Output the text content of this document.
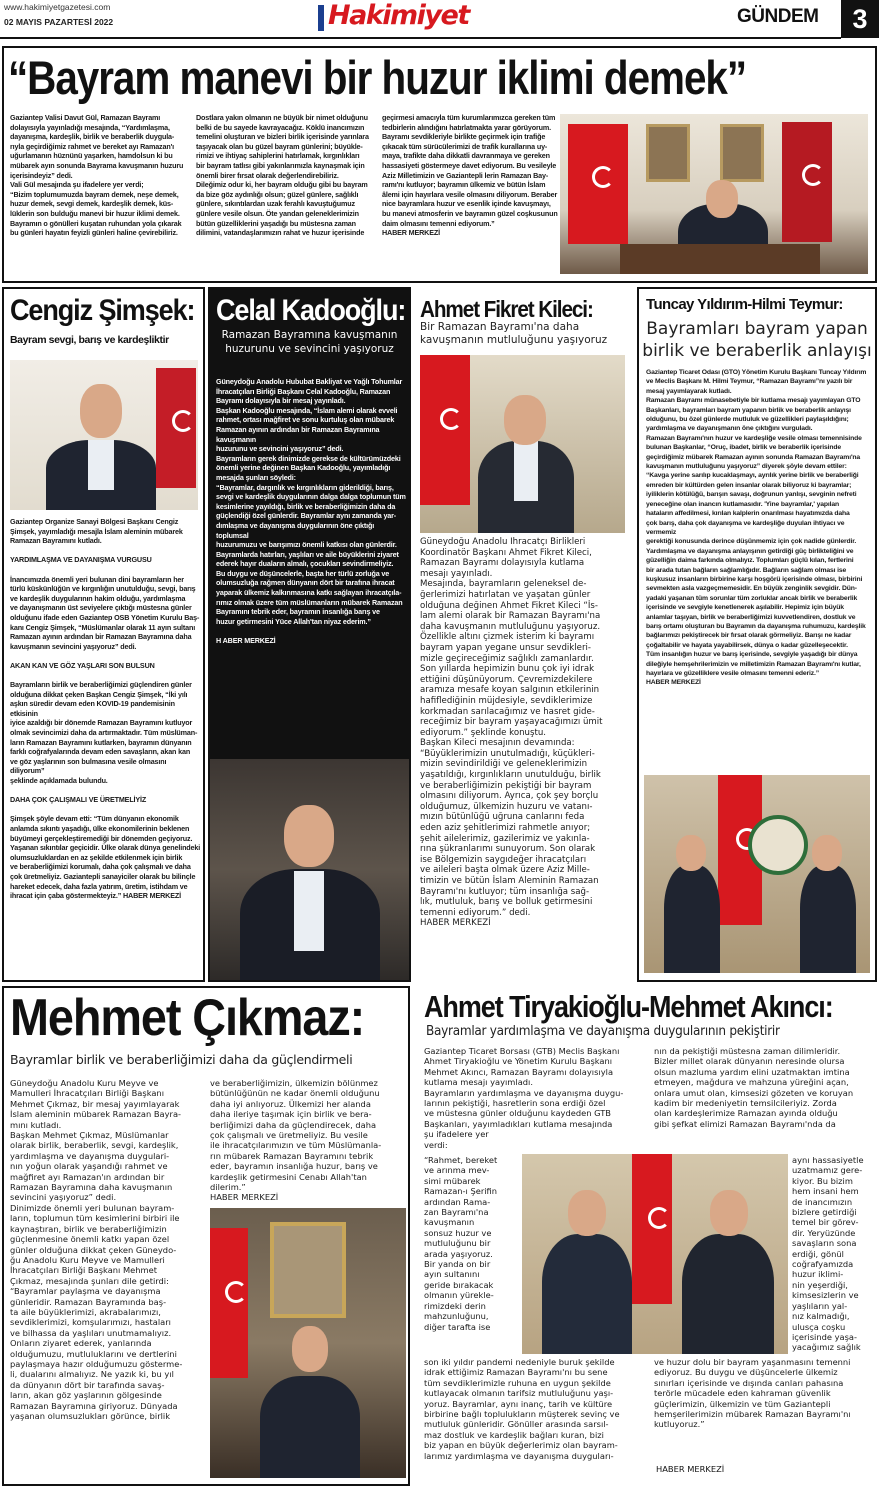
www.hakimiyetgazetesi.com
02 MAYIS PAZARTESİ 2022	Hakimiyet	GÜNDEM	3
“Bayram manevi bir huzur iklimi demek”
Gaziantep Valisi Davut Gül, Ramazan Bayramı
dolayısıyla yayınladığı mesajında, “Yardımlaşma,
dayanışma, kardeşlik, birlik ve beraberlik duygula-
rıyla geçirdiğimiz rahmet ve bereket ayı Ramazan'ı
uğurlamanın hüznünü yaşarken, hamdolsun ki bu
mübarek ayın sonunda Bayrama kavuşmanın huzuru
içerisindeyiz” dedi.
Vali Gül mesajında şu ifadelere yer verdi;
“Bizim toplumumuzda bayram demek, neşe demek,
huzur demek, sevgi demek, kardeşlik demek, küs-
lüklerin son bulduğu manevi bir huzur iklimi demek.
Bayramın o gönülleri kuşatan ruhundan yola çıkarak
bu günleri hayatın feyizli günleri haline çevirebiliriz.
Dostlara yakın olmanın ne büyük bir nimet olduğunu
belki de bu sayede kavrayacağız. Köklü inancımızın
temelini oluşturan ve bizleri birlik içerisinde yarınlara
taşıyacak olan bu güzel bayram günlerini; büyükle-
rimizi ve ihtiyaç sahiplerini hatırlamak, kırgınlıkları
bir bayram tatlısı gibi yakınlarımızla kaynaşmak için
önemli birer fırsat olarak değerlendirebiliriz.
Dileğimiz odur ki, her bayram olduğu gibi bu bayram
da bize göz aydınlığı olsun; güzel günlere, sağlıklı
günlere, sıkıntılardan uzak ferahlı kavuştuğumuz
günlere vesile olsun. Öte yandan geleneklerimizin
bütün güzelliklerini yaşadığı bu müstesna zaman
dilimini, vatandaşlarımızın rahat ve huzur içerisinde
geçirmesi amacıyla tüm kurumlarımızca gereken tüm
tedbirlerin alındığını hatırlatmakta yarar görüyorum.
Bayramı sevdikleriyle birlikte geçirmek için trafiğe
çıkacak tüm sürücülerimizi de trafik kurallarına uy-
maya, trafikte daha dikkatli davranmaya ve gereken
hassasiyeti göstermeye davet ediyorum. Bu vesileyle
Aziz Milletimizin ve Gaziantepli lerin Ramazan Bay-
ramı'nı kutluyor; bayramın ülkemiz ve bütün İslam
âlemi için hayırlara vesile olmasını diliyorum. Beraber
nice bayramlara huzur ve esenlik içinde kavuşmayı,
bu manevi atmosferin ve bayramın güzel coşkusunun
daim olmasını temenni ediyorum.”
HABER MERKEZİ
Cengiz Şimşek:
Bayram sevgi, barış ve kardeşliktir
Gaziantep Organize Sanayi Bölgesi Başkanı Cengiz
Şimşek, yayımladığı mesajla İslam aleminin mübarek
Ramazan Bayramını kutladı.

YARDIMLAŞMA VE DAYANIŞMA VURGUSU

İnancımızda önemli yeri bulunan dini bayramların her
türlü küskünlüğün ve kırgınlığın unutulduğu, sevgi, barış
ve kardeşlik duygularının hakim olduğu, yardımlaşma
ve dayanışmanın üst seviyelere çıktığı müstesna günler
olduğunu ifade eden Gaziantep OSB Yönetim Kurulu Baş-
kanı Cengiz Şimşek, “Müslümanlar olarak 11 ayın sultanı
Ramazan ayının ardından bir Ramazan Bayramına daha
kavuşmanın sevincini yaşıyoruz” dedi.

AKAN KAN VE GÖZ YAŞLARI SON BULSUN

Bayramların birlik ve beraberliğimizi güçlendiren günler
olduğuna dikkat çeken Başkan Cengiz Şimşek, “İki yılı
aşkın süredir devam eden KOVID-19 pandemisinin etkisinin
iyice azaldığı bir dönemde Ramazan Bayramını kutluyor
olmak sevincimizi daha da artırmaktadır. Tüm müslüman-
ların Ramazan Bayramını kutlarken, bayramın dünyanın
farklı coğrafyalarında devam eden savaşların, akan kan
ve göz yaşlarının son bulmasına vesile olmasını diliyorum”
şeklinde açıklamada bulundu.

DAHA ÇOK ÇALIŞMALI VE ÜRETMELİYİZ

Şimşek şöyle devam etti: “Tüm dünyanın ekonomik
anlamda sıkıntı yaşadığı, ülke ekonomilerinin beklenen
büyümeyi gerçekleştiremediği bir dönemden geçiyoruz.
Yaşanan sıkıntılar geçicidir. Ülke olarak dünya genelindeki
olumsuzluklardan en az şekilde etkilenmek için birlik
ve beraberliğimizi korumalı, daha çok çalışmalı ve daha
çok üretmeliyiz. Gaziantepli sanayiciler olarak bu bilinçle
hareket edecek, daha fazla yatırım, üretim, istihdam ve
ihracat için çaba göstermekteyiz.” HABER MERKEZİ
Celal Kadooğlu:
Ramazan Bayramına kavuşmanın
huzurunu ve sevincini yaşıyoruz
Güneydoğu Anadolu Hububat Bakliyat ve Yağlı Tohumlar
İhracatçıları Birliği Başkanı Celal Kadooğlu, Ramazan
Bayramı dolayısıyla bir mesaj yayınladı.
Başkan Kadooğlu mesajında, “İslam alemi olarak evveli
rahmet, ortası mağfiret ve sonu kurtuluş olan mübarek
Ramazan ayının ardından bir Ramazan Bayramına kavuşmanın
huzurunu ve sevincini yaşıyoruz” dedi.
Bayramların gerek dinimizde gerekse de kültürümüzdeki
önemli yerine değinen Başkan Kadooğlu, yayımladığı
mesajda şunları söyledi:
“Bayramlar, dargınlık ve kırgınlıkların giderildiği, barış,
sevgi ve kardeşlik duygularının dalga dalga toplumun tüm
kesimlerine yayıldığı, birlik ve beraberliğimizin daha da
güçlendiği özel günlerdir. Bayramlar aynı zamanda yar-
dımlaşma ve dayanışma duygularının öne çıktığı toplumsal
huzurumuzu ve barışımızı önemli katkısı olan günlerdir.
Bayramlarda hatırları, yaşlıları ve aile büyüklerini ziyaret
ederek hayır duaların almalı, çocukları sevindirmeliyiz.
Bu duygu ve düşüncelerle, başta her türlü zorluğa ve
olumsuzluğa rağmen dünyanın dört bir tarafına ihracat
yaparak ülkemiz kalkınmasına katkı sağlayan ihracatçıla-
rımız olmak üzere tüm müslümanların mübarek Ramazan
Bayramını tebrik eder, bayramın insanlığa barış ve
huzur getirmesini Yüce Allah'tan niyaz ederim.”

H ABER MERKEZİ
Ahmet Fikret Kileci:
Bir Ramazan Bayramı'na daha
kavuşmanın mutluluğunu yaşıyoruz
Güneydoğu Anadolu İhracatçı Birlikleri
Koordinatör Başkanı Ahmet Fikret Kileci,
Ramazan Bayramı dolayısıyla kutlama
mesajı yayınladı.
Mesajında, bayramların geleneksel de-
ğerlerimizi hatırlatan ve yaşatan günler
olduğuna değinen Ahmet Fikret Kileci “İs-
lam alemi olarak bir Ramazan Bayramı'na
daha kavuşmanın mutluluğunu yaşıyoruz.
Özellikle altını çizmek isterim ki bayramı
bayram yapan yegane unsur sevdikleri-
mizle geçireceğimiz sağlıklı zamanlardır.
Son yıllarda hepimizin bunu çok iyi idrak
ettiğini düşünüyorum. Çevremizdekilere
aramıza mesafe koyan salgının etkilerinin
hafiflediğinin müjdesiyle, sevdiklerimize
korkmadan sarılacağımız ve hasret gide-
receğimiz bir bayram yaşayacağımızı ümit
ediyorum.” şeklinde konuştu.
Başkan Kileci mesajının devamında:
“Büyüklerimizin unutulmadığı, küçükleri-
mizin sevindirildiği ve geleneklerimizin
yaşatıldığı, kırgınlıkların unutulduğu, birlik
ve beraberliğimizin pekiştiği bir bayram
olmasını diliyorum. Ayrıca, çok şey borçlu
olduğumuz, ülkemizin huzuru ve vatanı-
mızın bütünlüğü uğruna canlarını feda
eden aziz şehitlerimizi rahmetle anıyor;
şehit ailelerimiz, gazilerimiz ve yakınla-
rına şükranlarımı sunuyorum. Son olarak
ise Bölgemizin saygıdeğer ihracatçıları
ve aileleri başta olmak üzere Aziz Mille-
timizin ve bütün İslam Aleminin Ramazan
Bayramı'nı kutluyor; tüm insanlığa sağ-
lık, mutluluk, barış ve bolluk getirmesini
temenni ediyorum.” dedi.
HABER MERKEZİ
Tuncay Yıldırım-Hilmi Teymur:
Bayramları bayram yapan
birlik ve beraberlik anlayışı
Gaziantep Ticaret Odası (GTO) Yönetim Kurulu Başkanı Tuncay Yıldırım
ve Meclis Başkanı M. Hilmi Teymur, “Ramazan Bayramı”nı yazılı bir
mesaj yayımlayarak kutladı.
Ramazan Bayramı münasebetiyle bir kutlama mesajı yayımlayan GTO
Başkanları, bayramları bayram yapanın birlik ve beraberlik anlayışı
olduğunu, bu özel günlerde mutluluk ve güzellikleri paylaşıldığını;
yardımlaşma ve dayanışmanın öne çıktığını vurguladı.
Ramazan Bayramı'nın huzur ve kardeşliğe vesile olması temennisinde
bulunan Başkanlar, “Oruç, ibadet, birlik ve beraberlik içerisinde
geçirdiğimiz mübarek Ramazan ayının sonunda Ramazan Bayramı'na
kavuşmanın mutluluğunu yaşıyoruz” diyerek şöyle devam ettiler:
“Kavga yerine sarılıp kucaklaşmayı, ayrılık yerine birlik ve beraberliği
emreden bir kültürden gelen insanlar olarak biliyoruz ki bayramlar;
iyiliklerin kötülüğü, barışın savaşı, doğrunun yanlışı, sevginin nefreti
yeneceğine olan inancın kutlamasıdır. 'Yine bayramlar,' yapılan
hataların affedilmesi, kırılan kalplerin onarılması hayatımızda daha
çok barış, daha çok dayanışma ve kardeşliğe duyulan ihtiyacı ve vermemiz
gerektiği konusunda derince düşünmemiz için çok nadide günlerdir.
Yardımlaşma ve dayanışma anlayışının getirdiği güç birlikteliğini ve
güzelliğin daima farkında olmalıyız. Toplumları güçlü kılan, fertlerini
bir arada tutan bağların sağlamlığıdır. Bağların sağlam olması ise
kuşkusuz insanların birbirine karşı hoşgörü içerisinde olması, birbirini
sevmekten asla vazgeçmemesidir. En büyük zenginlik sevgidir. Dün-
yadaki yaşanan tüm sorunlar tüm zorluklar ancak birlik ve beraberlik
içerisinde ve sevgiyle kenetlenerek aşılabilir. Hepimiz için büyük
anlamlar taşıyan, birlik ve beraberliğimizi kuvvetlendiren, dostluk ve
barış ortamı oluşturan bu Bayramın da dayanışma ruhumuzu, kardeşlik
bağlarımızı pekiştirecek bir fırsat olarak görmeliyiz. Barışı ne kadar
çoğaltabilir ve hayata yayabilirsek, dünya o kadar güzelleşecektir.
Tüm insanlığın huzur ve barış içerisinde, sevgiyle yaşadığı bir dünya
dileğiyle hemşehrilerimizin ve milletimizin Ramazan Bayramı'nı kutlar,
hayırlara ve güzelliklere vesile olmasını temenni ederiz.”
HABER MERKEZİ
Mehmet Çıkmaz:
Bayramlar birlik ve beraberliğimizi daha da güçlendirmeli
Güneydoğu Anadolu Kuru Meyve ve
Mamulleri İhracatçıları Birliği Başkanı
Mehmet Çıkmaz, bir mesaj yayımlayarak
İslam aleminin mübarek Ramazan Bayra-
mını kutladı.
Başkan Mehmet Çıkmaz, Müslümanlar
olarak birlik, beraberlik, sevgi, kardeşlik,
yardımlaşma ve dayanışma duygulari-
nın yoğun olarak yaşandığı rahmet ve
mağfiret ayı Ramazan'ın ardından bir
Ramazan Bayramına daha kavuşmanın
sevincini yaşıyoruz” dedi.
Dinimizde önemli yeri bulunan bayram-
ların, toplumun tüm kesimlerini birbiri ile
kaynaştıran, birlik ve beraberliğimizin
güçlenmesine önemli katkı yapan özel
günler olduğuna dikkat çeken Güneydo-
ğu Anadolu Kuru Meyve ve Mamulleri
İhracatçıları Birliği Başkanı Mehmet
Çıkmaz, mesajında şunları dile getirdi:
“Bayramlar paylaşma ve dayanışma
günleridir. Ramazan Bayramında baş-
ta aile büyüklerimizi, akrabalarımızı,
sevdiklerimizi, komşularımızı, hastaları
ve bilhassa da yaşlıları unutmamalıyız.
Onların ziyaret ederek, yanlarında
olduğumuzu, mutluluklarını ve dertlerini
paylaşmaya hazır olduğumuzu gösterme-
li, dualarını almalıyız. Ne yazık ki, bu yıl
da dünyanın dört bir tarafında savaş-
ların, akan göz yaşlarının gölgesinde
Ramazan Bayramına giriyoruz. Dünyada
yaşanan olumsuzlukları görünce, birlik
ve beraberliğimizin, ülkemizin bölünmez
bütünlüğünün ne kadar önemli olduğunu
daha iyi anlıyoruz. Ülkemizi her alanda
daha ileriye taşımak için birlik ve bera-
berliğimizi daha da güçlendirecek, daha
çok çalışmalı ve üretmeliyiz. Bu vesile
ile ihracatçılarımızın ve tüm Müslümanla-
rın mübarek Ramazan Bayramını tebrik
eder, bayramın insanlığa huzur, barış ve
kardeşlik getirmesini Cenabı Allah'tan
dilerim.”
HABER MERKEZİ
Ahmet Tiryakioğlu-Mehmet Akıncı:
Bayramlar yardımlaşma ve dayanışma duygularının pekiştirir
Gaziantep Ticaret Borsası (GTB) Meclis Başkanı
Ahmet Tiryakioğlu ve Yönetim Kurulu Başkanı
Mehmet Akıncı, Ramazan Bayramı dolayısıyla
kutlama mesajı yayımladı.
Bayramların yardımlaşma ve dayanışma duygu-
larının pekiştiği, hasretlerin sona erdiği özel
ve müstesna günler olduğunu kaydeden GTB
Başkanları, yayımladıkları kutlama mesajında
şu ifadelere yer
verdi:
“Rahmet, bereket
ve arınma mev-
simi mübarek
Ramazan-ı Şerifin
ardından Rama-
zan Bayramı'na
kavuşmanın
sonsuz huzur ve
mutluluğunu bir
arada yaşıyoruz.
Bir yanda on bir
ayın sultanını
geride bırakacak
olmanın yürekle-
rimizdeki derin
mahzunluğunu,
diğer tarafta ise
son iki yıldır pandemi nedeniyle buruk şekilde
idrak ettiğimiz Ramazan Bayramı'nı bu sene
tüm sevdiklerimizle ruhuna en uygun şekilde
kutlayacak olmanın tarifsiz mutluluğunu yaşı-
yoruz. Bayramlar, aynı inanç, tarih ve kültüre
birbirine bağlı toplulukların müşterek sevinç ve
mutluluk günleridir. Gönüller arasında sarsıl-
maz dostluk ve kardeşlik bağları kuran, bizi
biz yapan en büyük değerlerimiz olan bayram-
larımız yardımlaşma ve dayanışma duyguları-
nın da pekiştiği müstesna zaman dilimleridir.
Bizler millet olarak dünyanın neresinde olursa
olsun mazluma yardım elini uzatmaktan imtina
etmeyen, mağdura ve mahzuna yüreğini açan,
onlara umut olan, kimsesizi gözeten ve koruyan
kadim bir medeniyetin temsilcileriyiz. Zorda
olan kardeşlerimize Ramazan ayında olduğu
gibi şefkat elimizi Ramazan Bayramı'nda da
aynı hassasiyetle
uzatmamız gere-
kiyor. Bu bizim
hem insani hem
de inancımızın
bizlere getirdiği
temel bir görev-
dir. Yeryüzünde
savaşların sona
erdiği, gönül
coğrafyamızda
huzur iklimi-
nin yeşerdiği,
kimsesizlerin ve
yaşlıların yal-
nız kalmadığı,
ulusça coşku
içerisinde yaşa-
yacağımız sağlık
ve huzur dolu bir bayram yaşanmasını temenni
ediyoruz. Bu duygu ve düşüncelerle ülkemiz
sınırları içerisinde ve dışında canları pahasına
terörle mücadele eden kahraman güvenlik
güçlerimizin, ülkemizin ve tüm Gaziantepli
hemşerilerimizin mübarek Ramazan Bayramı'nı
kutluyoruz.”
HABER MERKEZİ
